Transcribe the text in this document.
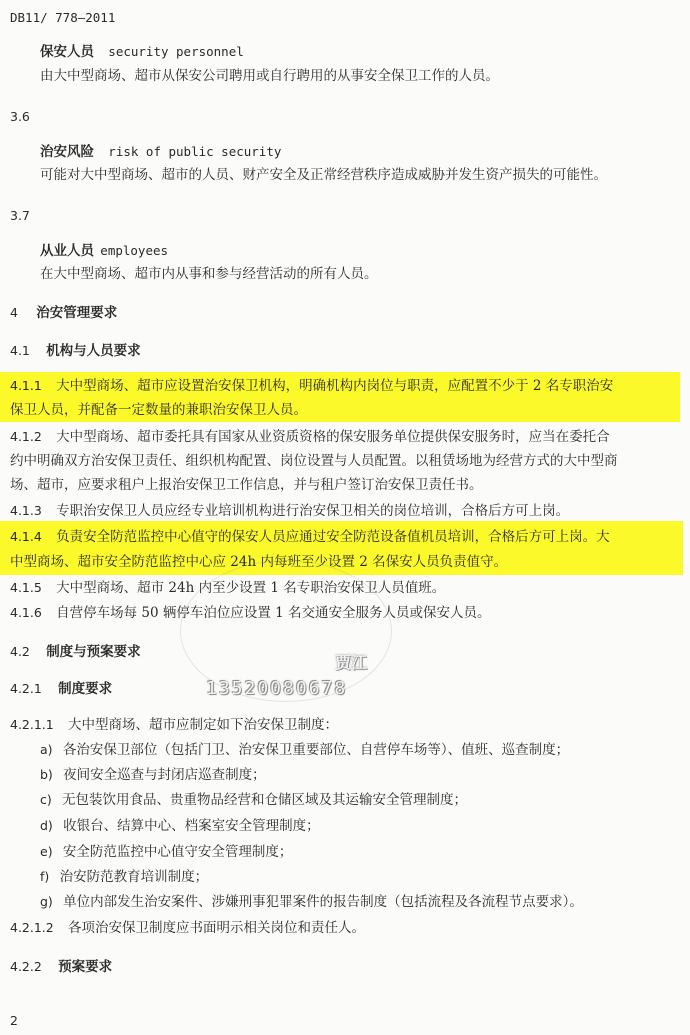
DB11/ 778—2011
保安人员 security personnel
由大中型商场、超市从保安公司聘用或自行聘用的从事安全保卫工作的人员。
3.6
治安风险 risk of public security
可能对大中型商场、超市的人员、财产安全及正常经营秩序造成威胁并发生资产损失的可能性。
3.7
从业人员 employees
在大中型商场、超市内从事和参与经营活动的所有人员。
4 治安管理要求
4.1 机构与人员要求
4.1.1 大中型商场、超市应设置治安保卫机构，明确机构内岗位与职责，应配置不少于 2 名专职治安
保卫人员，并配备一定数量的兼职治安保卫人员。
4.1.2 大中型商场、超市委托具有国家从业资质资格的保安服务单位提供保安服务时，应当在委托合
约中明确双方治安保卫责任、组织机构配置、岗位设置与人员配置。以租赁场地为经营方式的大中型商
场、超市，应要求租户上报治安保卫工作信息，并与租户签订治安保卫责任书。
4.1.3 专职治安保卫人员应经专业培训机构进行治安保卫相关的岗位培训，合格后方可上岗。
4.1.4 负责安全防范监控中心值守的保安人员应通过安全防范设备值机员培训，合格后方可上岗。大
中型商场、超市安全防范监控中心应 24h 内每班至少设置 2 名保安人员负责值守。
4.1.5 大中型商场、超市 24h 内至少设置 1 名专职治安保卫人员值班。
4.1.6 自营停车场每 50 辆停车泊位应设置 1 名交通安全服务人员或保安人员。
4.2 制度与预案要求
4.2.1 制度要求
4.2.1.1 大中型商场、超市应制定如下治安保卫制度：
a) 各治安保卫部位（包括门卫、治安保卫重要部位、自营停车场等）、值班、巡查制度；
b) 夜间安全巡查与封闭店巡查制度；
c) 无包装饮用食品、贵重物品经营和仓储区域及其运输安全管理制度；
d) 收银台、结算中心、档案室安全管理制度；
e) 安全防范监控中心值守安全管理制度；
f) 治安防范教育培训制度；
g) 单位内部发生治安案件、涉嫌刑事犯罪案件的报告制度（包括流程及各流程节点要求）。
4.2.1.2 各项治安保卫制度应书面明示相关岗位和责任人。
4.2.2 预案要求
2
贾江
13520080678
